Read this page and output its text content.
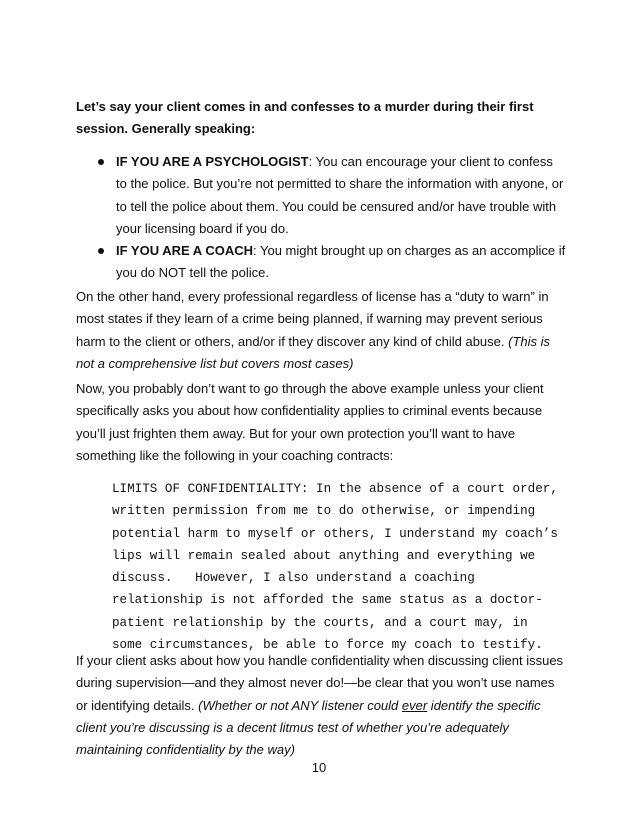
Let’s say your client comes in and confesses to a murder during their first session. Generally speaking:

IF YOU ARE A PSYCHOLOGIST: You can encourage your client to confess to the police. But you’re not permitted to share the information with anyone, or to tell the police about them. You could be censured and/or have trouble with your licensing board if you do.
IF YOU ARE A COACH: You might brought up on charges as an accomplice if you do NOT tell the police.

On the other hand, every professional regardless of license has a “duty to warn” in most states if they learn of a crime being planned, if warning may prevent serious harm to the client or others, and/or if they discover any kind of child abuse. (This is not a comprehensive list but covers most cases)

Now, you probably don’t want to go through the above example unless your client specifically asks you about how confidentiality applies to criminal events because you’ll just frighten them away. But for your own protection you’ll want to have something like the following in your coaching contracts:

LIMITS OF CONFIDENTIALITY: In the absence of a court order,
written permission from me to do otherwise, or impending
potential harm to myself or others, I understand my coach’s
lips will remain sealed about anything and everything we
discuss.   However, I also understand a coaching
relationship is not afforded the same status as a doctor-
patient relationship by the courts, and a court may, in
some circumstances, be able to force my coach to testify.

If your client asks about how you handle confidentiality when discussing client issues during supervision—and they almost never do!—be clear that you won’t use names or identifying details. (Whether or not ANY listener could ever identify the specific client you’re discussing is a decent litmus test of whether you’re adequately maintaining confidentiality by the way)

10
